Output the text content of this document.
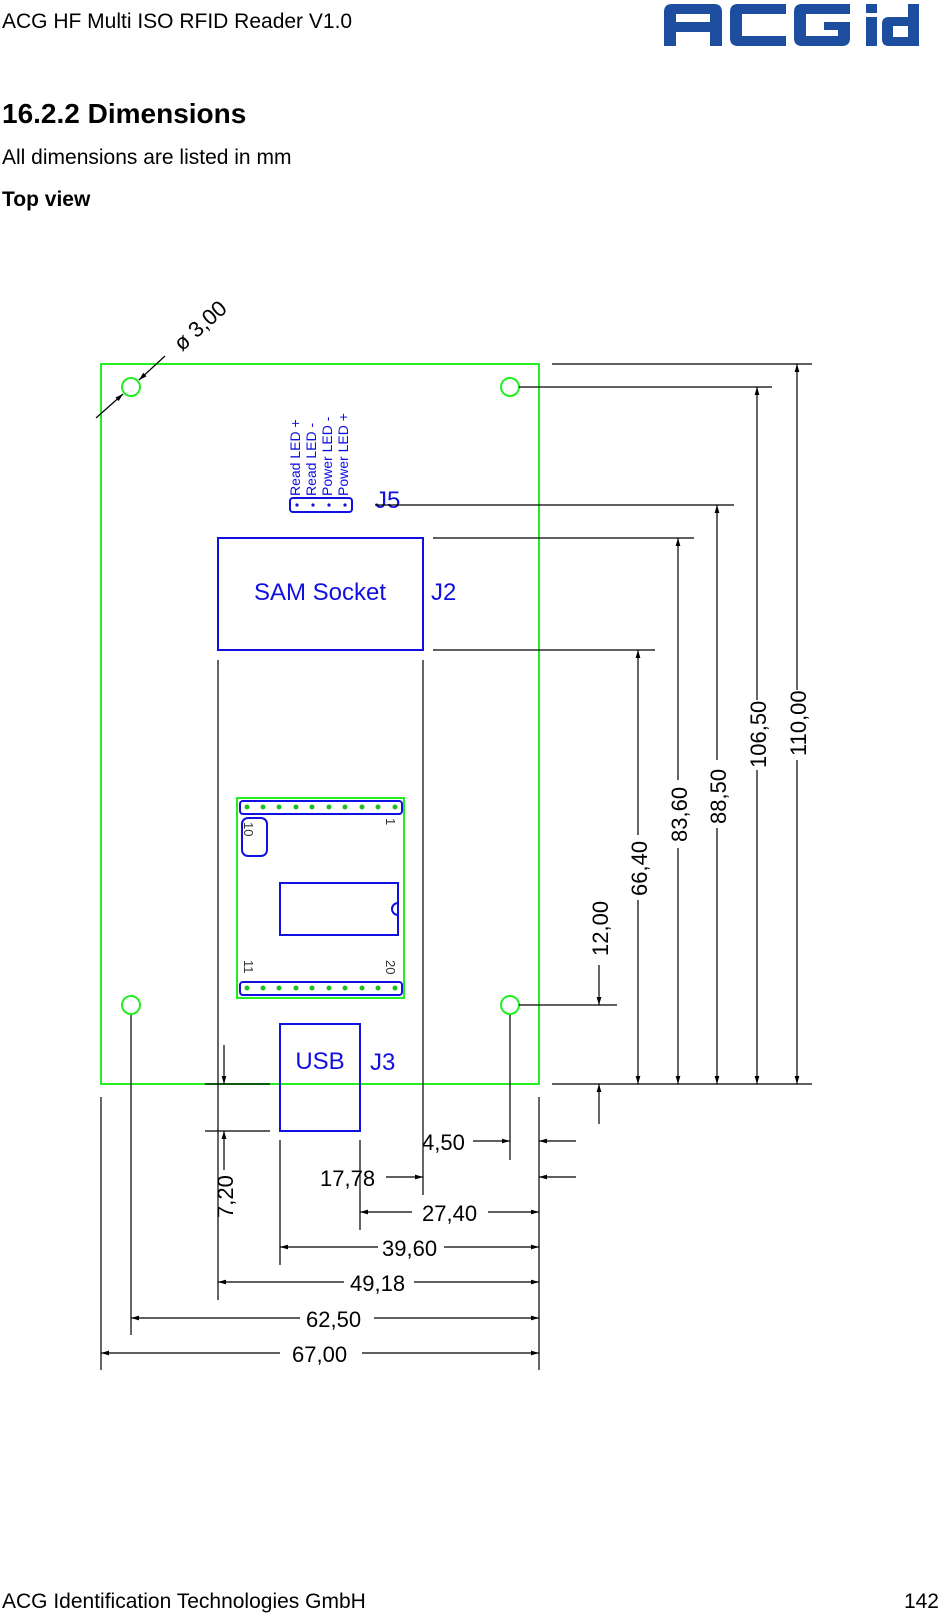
ACG HF Multi ISO RFID Reader V1.0
16.2.2 Dimensions
All dimensions are listed in mm
Top view
ø 3,00
Read LED + Read LED - Power LED - Power LED +
J5
SAM Socket J2
1
10
11	20
USB J3
110,00
106,50
88,50
83,60
66,40
12,00
7,20
4,50
17,78
27,40
39,60
49,18
62,50
67,00
ACG Identification Technologies GmbH	142
